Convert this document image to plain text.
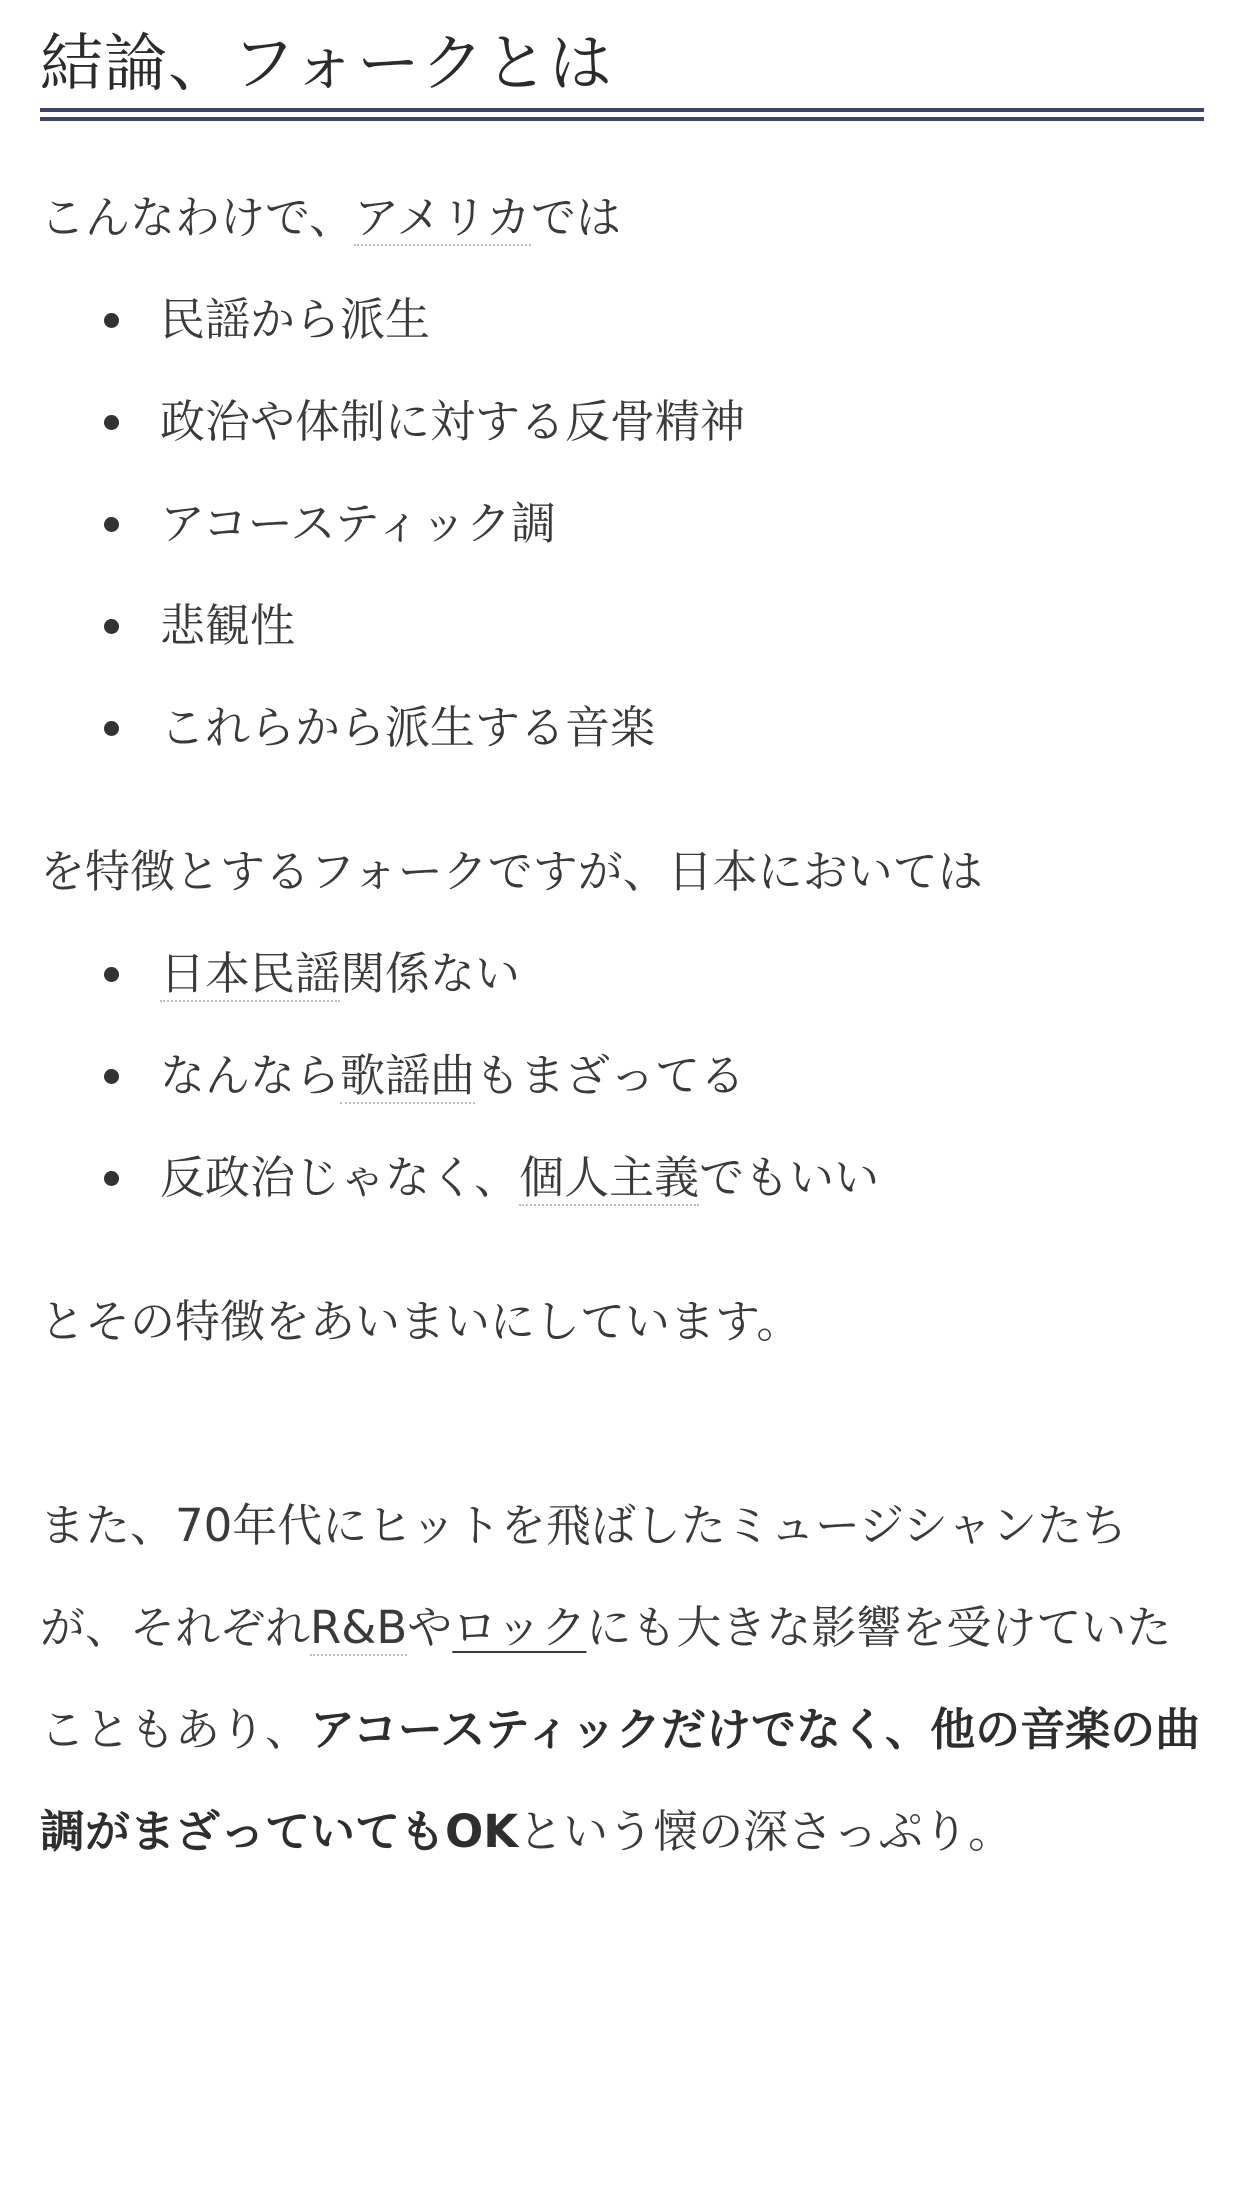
結論、フォークとは

こんなわけで、アメリカでは

民謡から派生
政治や体制に対する反骨精神
アコースティック調
悲観性
これらから派生する音楽

を特徴とするフォークですが、日本においては

日本民謡関係ない
なんなら歌謡曲もまざってる
反政治じゃなく、個人主義でもいい

とその特徴をあいまいにしています。

また、70年代にヒットを飛ばしたミュージシャンたちが、それぞれR&Bやロックにも大きな影響を受けていたこともあり、アコースティックだけでなく、他の音楽の曲調がまざっていてもOKという懐の深さっぷり。
